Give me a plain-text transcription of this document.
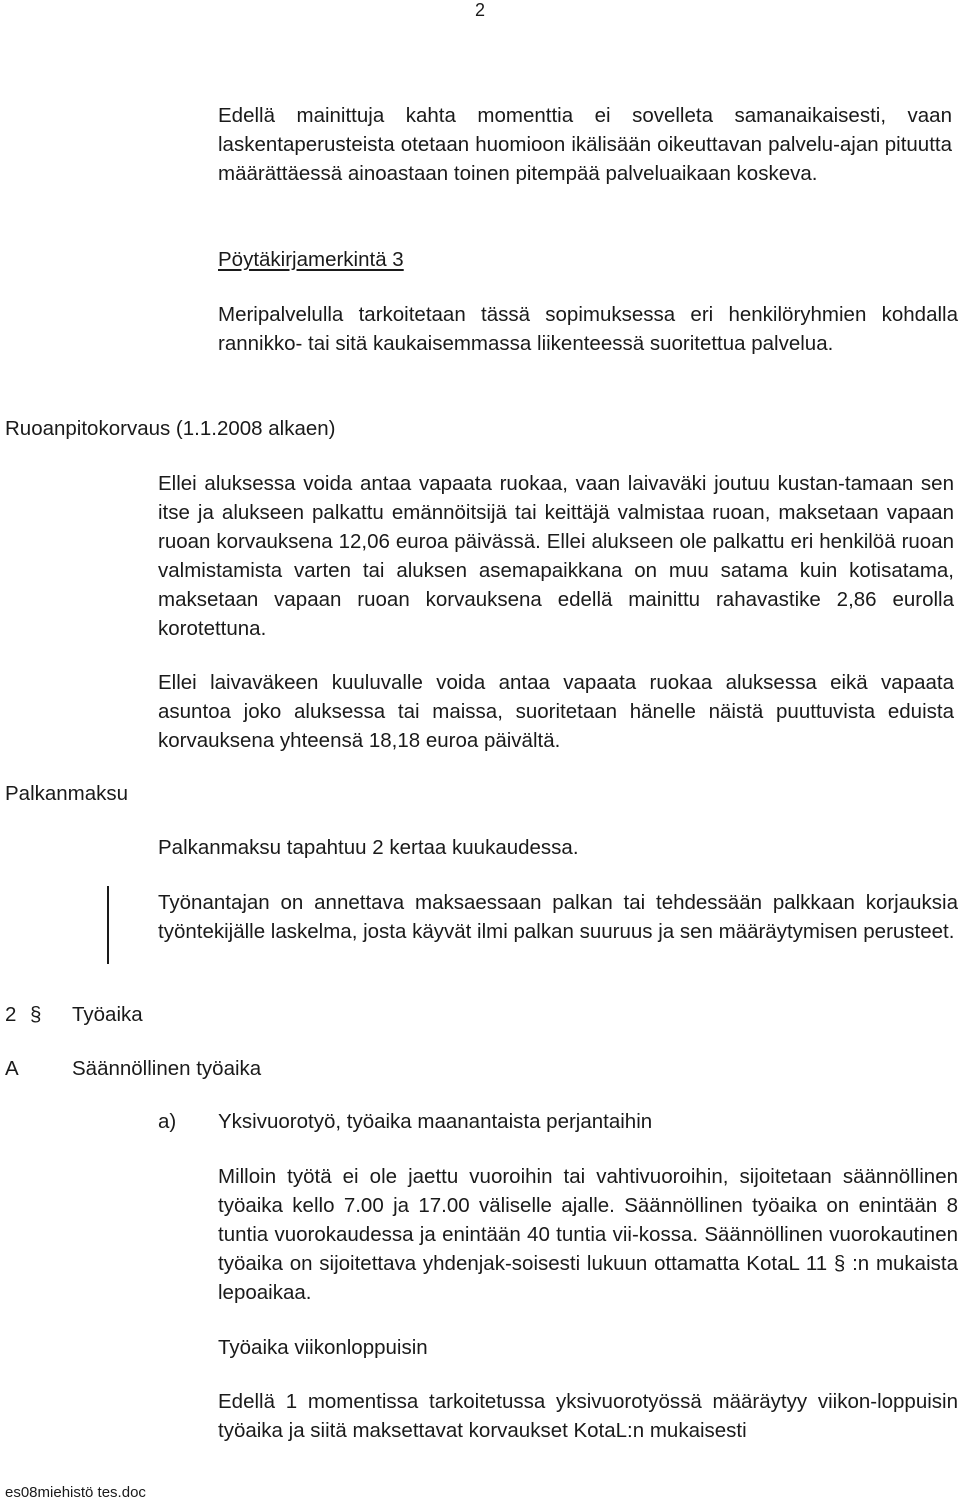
2

Edellä mainittuja kahta momenttia ei sovelleta samanaikaisesti, vaan laskentaperusteista otetaan huomioon ikälisään oikeuttavan palvelu-ajan pituutta määrättäessä ainoastaan toinen pitempää palveluaikaan koskeva.

Pöytäkirjamerkintä 3

Meripalvelulla tarkoitetaan tässä sopimuksessa eri henkilöryhmien kohdalla rannikko- tai sitä kaukaisemmassa liikenteessä suoritettua palvelua.

Ruoanpitokorvaus (1.1.2008 alkaen)

Ellei aluksessa voida antaa vapaata ruokaa, vaan laivaväki joutuu kustan-tamaan sen itse ja alukseen palkattu emännöitsijä tai keittäjä valmistaa ruoan, maksetaan vapaan ruoan korvauksena 12,06 euroa päivässä. Ellei alukseen ole palkattu eri henkilöä ruoan valmistamista varten tai aluksen asemapaikkana on muu satama kuin kotisatama, maksetaan vapaan ruoan korvauksena edellä mainittu rahavastike 2,86 eurolla korotettuna.

Ellei laivaväkeen kuuluvalle voida antaa vapaata ruokaa aluksessa eikä vapaata asuntoa joko aluksessa tai maissa, suoritetaan hänelle näistä puuttuvista eduista korvauksena yhteensä 18,18 euroa päivältä.

Palkanmaksu

Palkanmaksu tapahtuu 2 kertaa kuukaudessa.

Työnantajan on annettava maksaessaan palkan tai tehdessään palkkaan korjauksia työntekijälle laskelma, josta käyvät ilmi palkan suuruus ja sen määräytymisen perusteet.

2 § Työaika

A	Säännöllinen työaika

a) Yksivuorotyö, työaika maanantaista perjantaihin

Milloin työtä ei ole jaettu vuoroihin tai vahtivuoroihin, sijoitetaan säännöllinen työaika kello 7.00 ja 17.00 väliselle ajalle. Säännöllinen työaika on enintään 8 tuntia vuorokaudessa ja enintään 40 tuntia vii-kossa. Säännöllinen vuorokautinen työaika on sijoitettava yhdenjak-soisesti lukuun ottamatta KotaL 11 § :n mukaista lepoaikaa.

Työaika viikonloppuisin

Edellä 1 momentissa tarkoitetussa yksivuorotyössä määräytyy viikon-loppuisin työaika ja siitä maksettavat korvaukset KotaL:n mukaisesti

es08miehistö tes.doc
